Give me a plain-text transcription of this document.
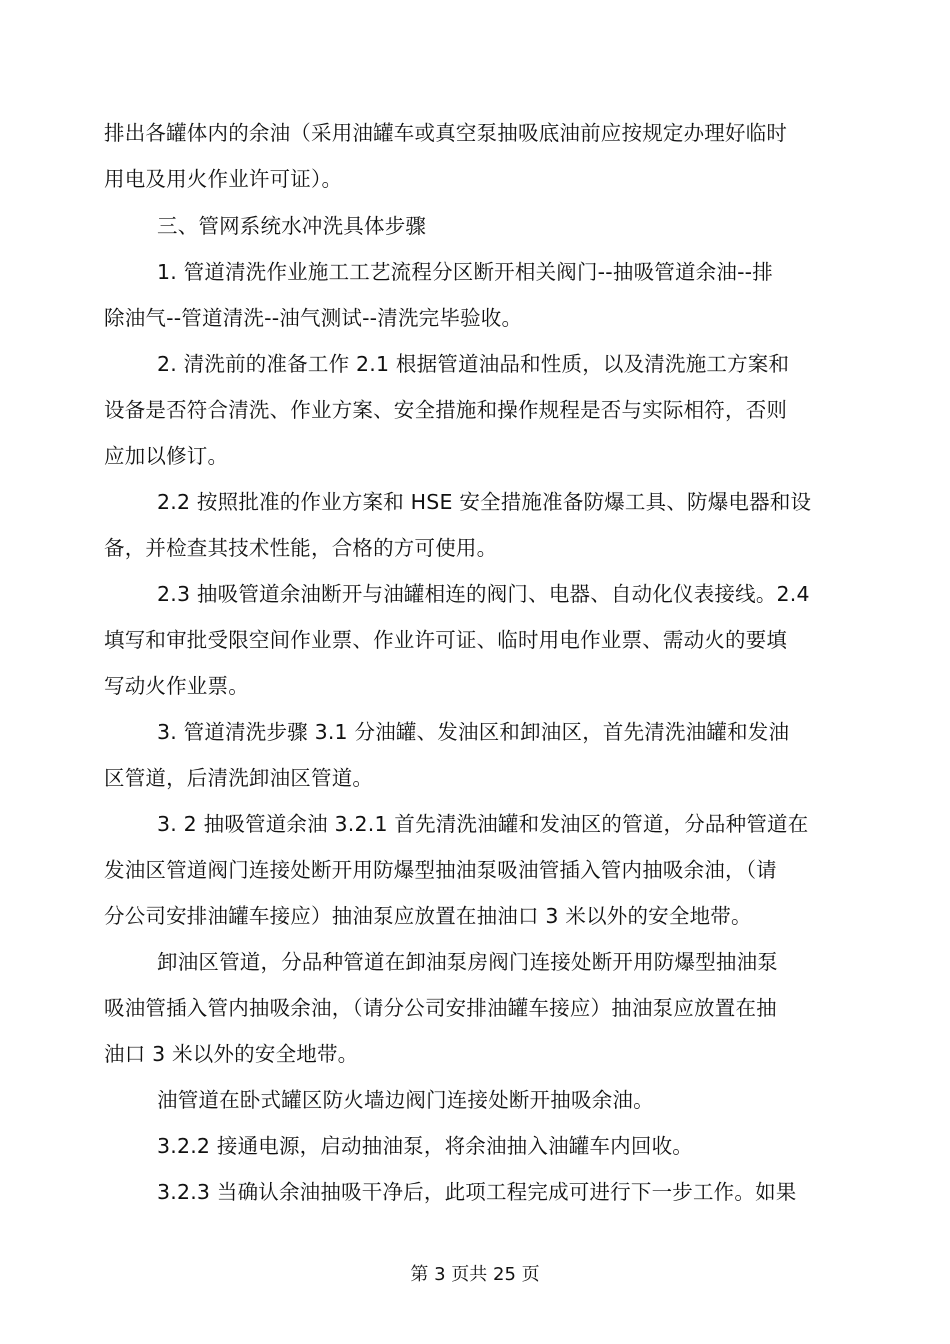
排出各罐体内的余油（采用油罐车或真空泵抽吸底油前应按规定办理好临时
用电及用火作业许可证）。
三、管网系统水冲洗具体步骤
1. 管道清洗作业施工工艺流程分区断开相关阀门--抽吸管道余油--排
除油气--管道清洗--油气测试--清洗完毕验收。
2. 清洗前的准备工作 2.1 根据管道油品和性质，以及清洗施工方案和
设备是否符合清洗、作业方案、安全措施和操作规程是否与实际相符，否则
应加以修订。
2.2 按照批准的作业方案和 HSE 安全措施准备防爆工具、防爆电器和设
备，并检查其技术性能，合格的方可使用。
2.3 抽吸管道余油断开与油罐相连的阀门、电器、自动化仪表接线。2.4
填写和审批受限空间作业票、作业许可证、临时用电作业票、需动火的要填
写动火作业票。
3. 管道清洗步骤 3.1 分油罐、发油区和卸油区，首先清洗油罐和发油
区管道，后清洗卸油区管道。
3. 2 抽吸管道余油 3.2.1 首先清洗油罐和发油区的管道，分品种管道在
发油区管道阀门连接处断开用防爆型抽油泵吸油管插入管内抽吸余油，（请
分公司安排油罐车接应）抽油泵应放置在抽油口 3 米以外的安全地带。
卸油区管道，分品种管道在卸油泵房阀门连接处断开用防爆型抽油泵
吸油管插入管内抽吸余油，（请分公司安排油罐车接应）抽油泵应放置在抽
油口 3 米以外的安全地带。
油管道在卧式罐区防火墙边阀门连接处断开抽吸余油。
3.2.2 接通电源，启动抽油泵，将余油抽入油罐车内回收。
3.2.3 当确认余油抽吸干净后，此项工程完成可进行下一步工作。如果
第 3 页共 25 页
